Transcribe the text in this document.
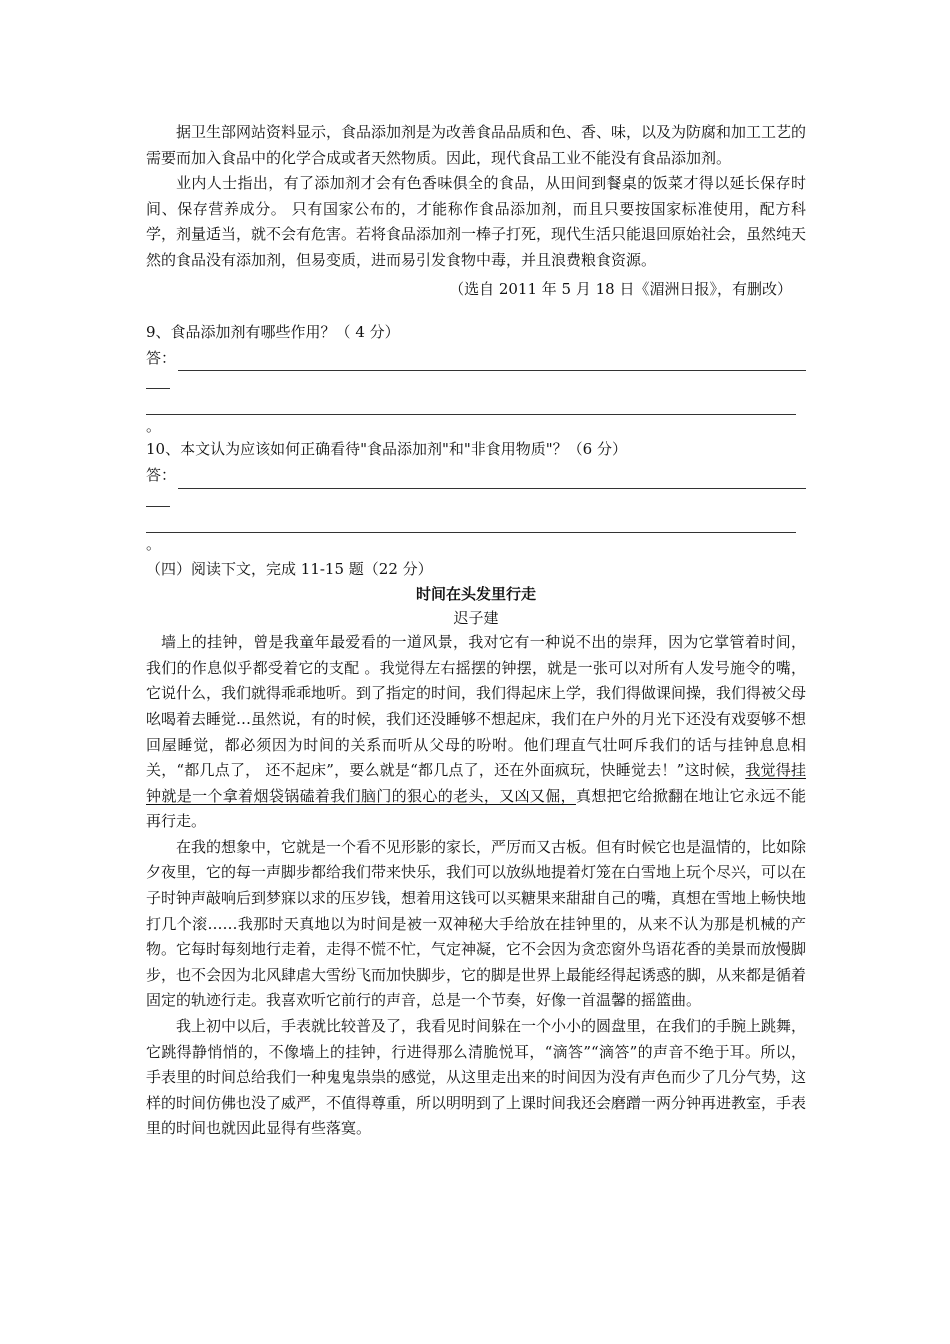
据卫生部网站资料显示，食品添加剂是为改善食品品质和色、香、味，以及为防腐和加工工艺的需要而加入食品中的化学合成或者天然物质。因此，现代食品工业不能没有食品添加剂。

业内人士指出，有了添加剂才会有色香味俱全的食品，从田间到餐桌的饭菜才得以延长保存时间、保存营养成分。 只有国家公布的，才能称作食品添加剂，而且只要按国家标准使用，配方科学，剂量适当，就不会有危害。若将食品添加剂一棒子打死，现代生活只能退回原始社会，虽然纯天然的食品没有添加剂，但易变质，进而易引发食物中毒，并且浪费粮食资源。

（选自 2011 年 5 月 18 日《湄洲日报》，有删改）

9、食品添加剂有哪些作用？（ 4 分）

答：
。

10、本文认为应该如何正确看待"食品添加剂"和"非食用物质"？（6 分）

答：
。

（四）阅读下文，完成 11-15 题（22 分）

时间在头发里行走
迟子建

墙上的挂钟，曾是我童年最爱看的一道风景，我对它有一种说不出的崇拜，因为它掌管着时间， 我们的作息似乎都受着它的支配 。我觉得左右摇摆的钟摆，就是一张可以对所有人发号施令的嘴，它说什么，我们就得乖乖地听。到了指定的时间，我们得起床上学，我们得做课间操，我们得被父母吆喝着去睡觉…虽然说，有的时候，我们还没睡够不想起床，我们在户外的月光下还没有戏耍够不想回屋睡觉，都必须因为时间的关系而听从父母的吩咐。他们理直气壮呵斥我们的话与挂钟息息相关，“都几点了， 还不起床”，要么就是“都几点了，还在外面疯玩，快睡觉去！”这时候，我觉得挂钟就是一个拿着烟袋锅磕着我们脑门的狠心的老头，又凶又倔，真想把它给掀翻在地让它永远不能再行走。

在我的想象中，它就是一个看不见形影的家长，严厉而又古板。但有时候它也是温情的，比如除夕夜里，它的每一声脚步都给我们带来快乐，我们可以放纵地提着灯笼在白雪地上玩个尽兴，可以在子时钟声敲响后到梦寐以求的压岁钱，想着用这钱可以买糖果来甜甜自己的嘴，真想在雪地上畅快地打几个滚……我那时天真地以为时间是被一双神秘大手给放在挂钟里的，从来不认为那是机械的产物。它每时每刻地行走着，走得不慌不忙，气定神凝，它不会因为贪恋窗外鸟语花香的美景而放慢脚步，也不会因为北风肆虐大雪纷飞而加快脚步，它的脚是世界上最能经得起诱惑的脚，从来都是循着固定的轨迹行走。我喜欢听它前行的声音，总是一个节奏，好像一首温馨的摇篮曲。

我上初中以后，手表就比较普及了，我看见时间躲在一个小小的圆盘里，在我们的手腕上跳舞，它跳得静悄悄的，不像墙上的挂钟，行进得那么清脆悦耳，“滴答”“滴答”的声音不绝于耳。所以，手表里的时间总给我们一种鬼鬼祟祟的感觉，从这里走出来的时间因为没有声色而少了几分气势，这样的时间仿佛也没了威严，不值得尊重，所以明明到了上课时间我还会磨蹭一两分钟再进教室，手表里的时间也就因此显得有些落寞。
